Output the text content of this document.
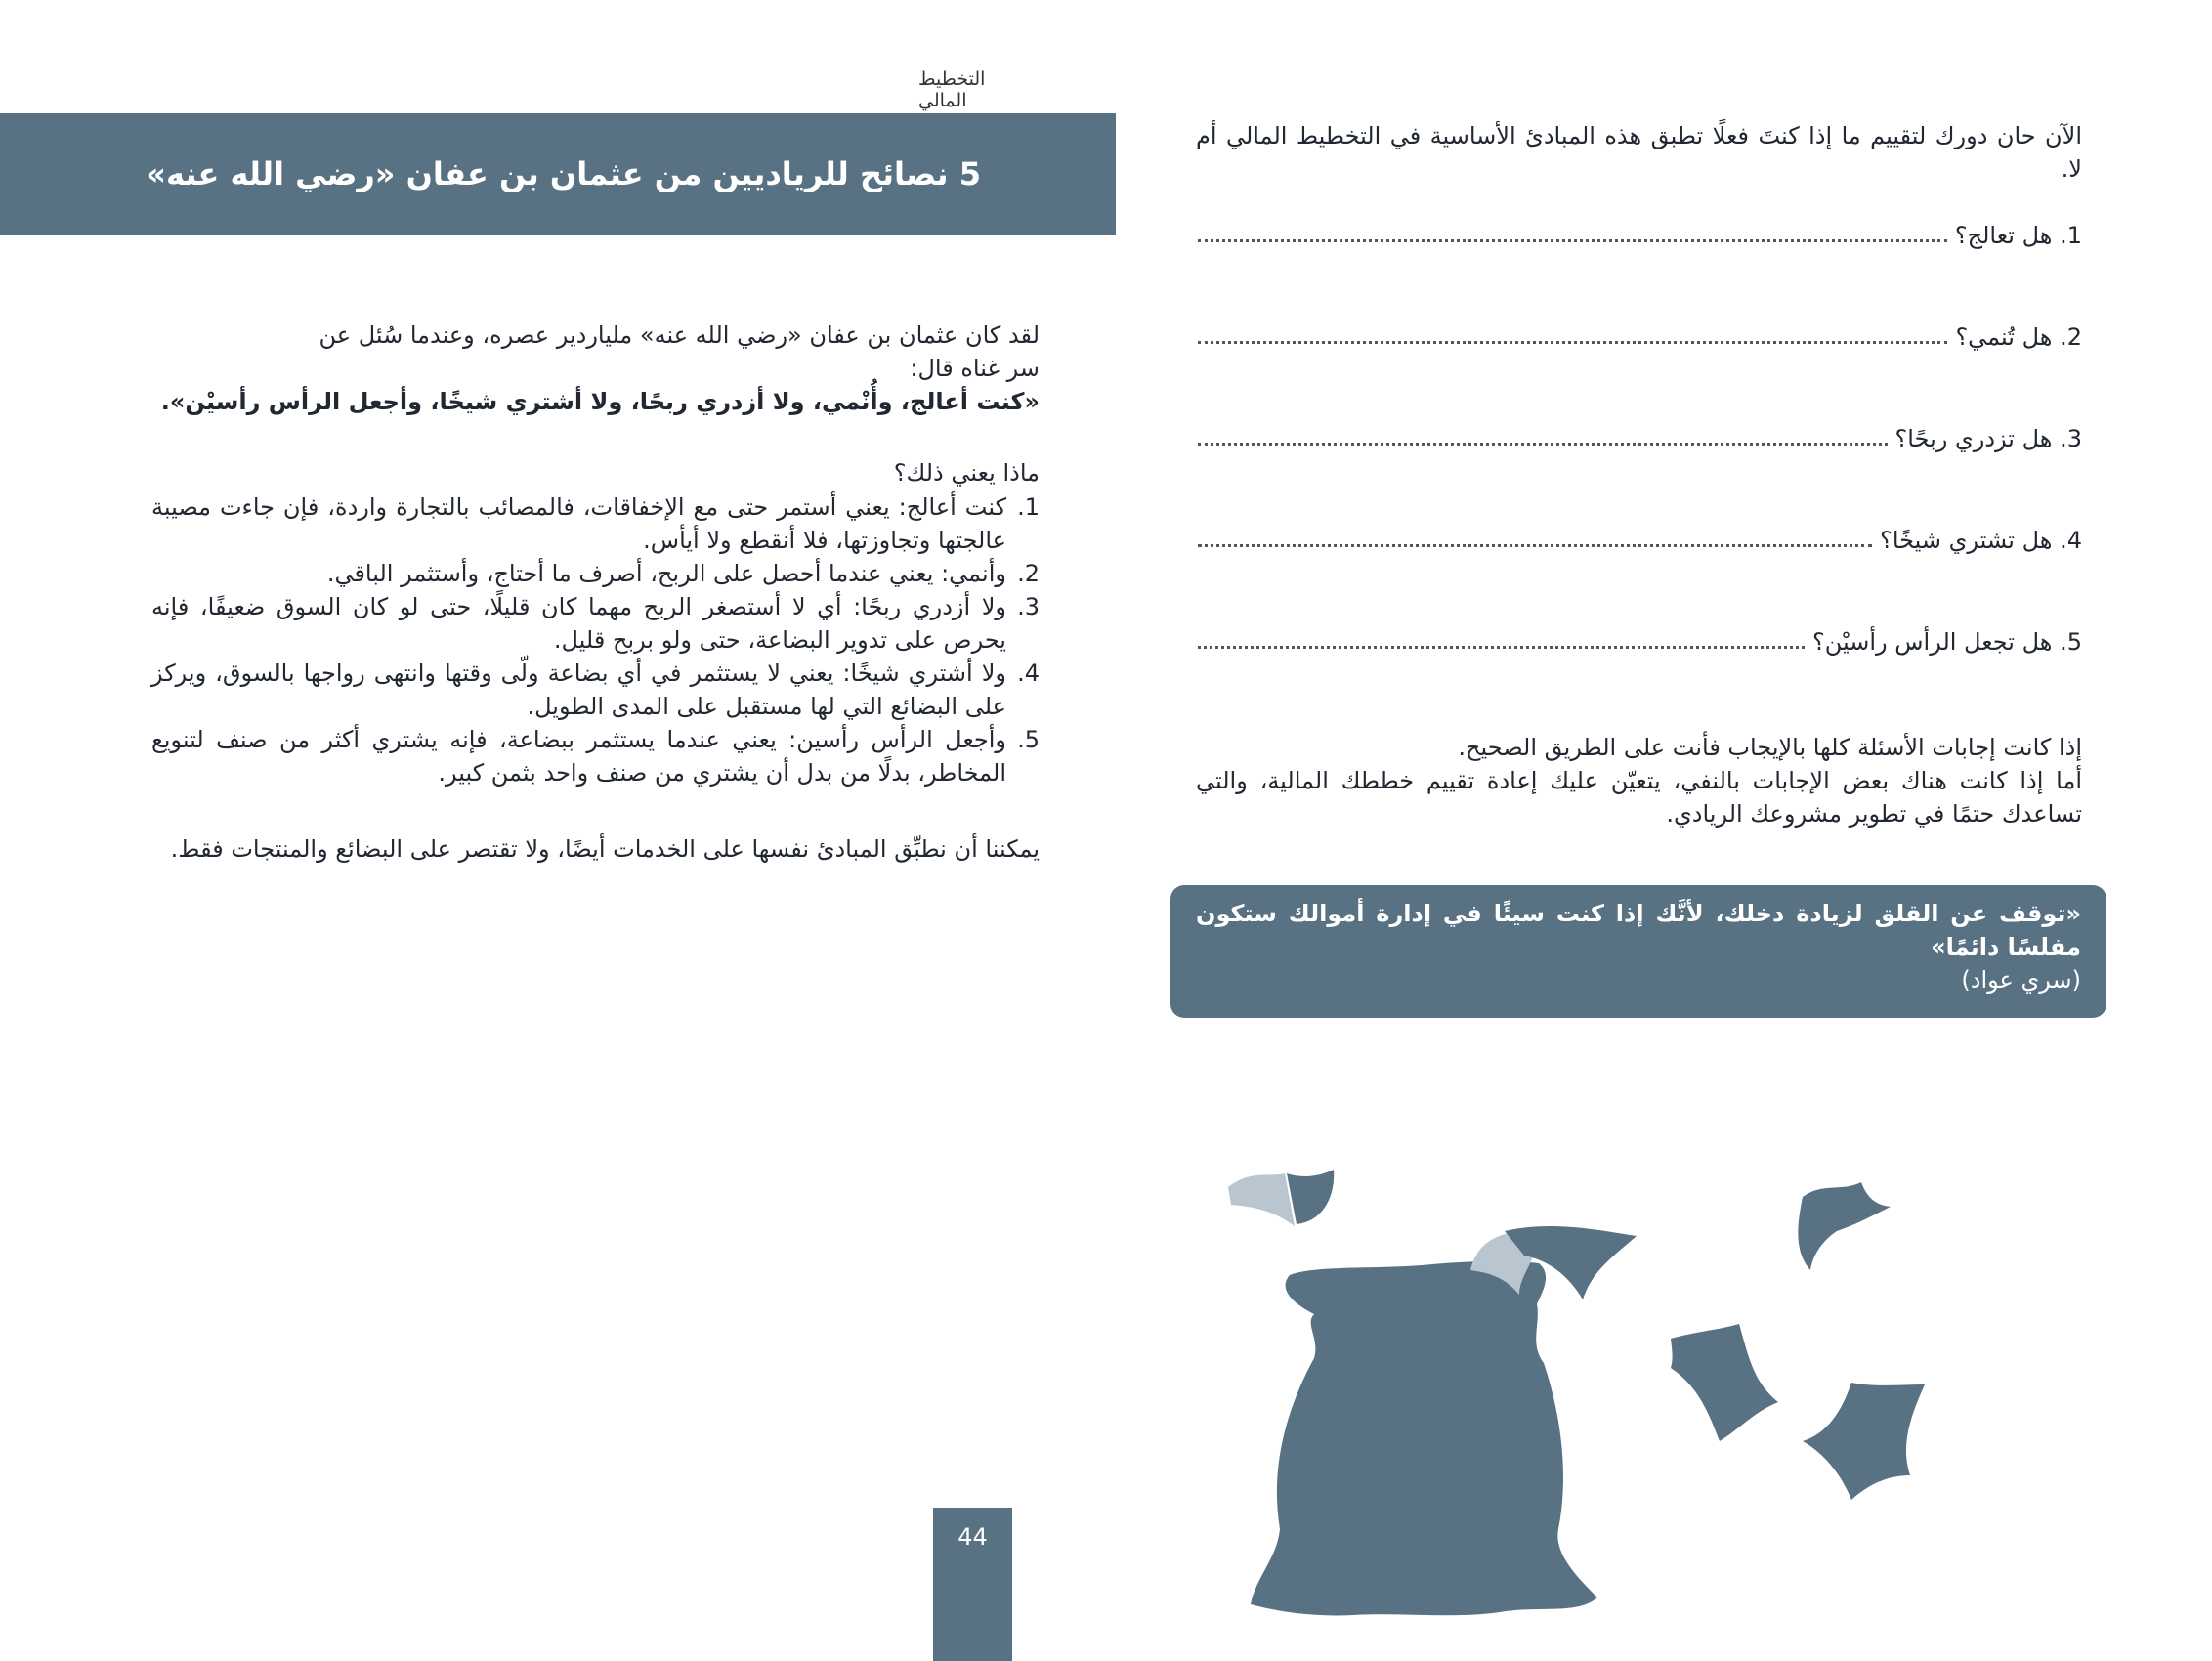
التخطيط المالي
5 نصائح للرياديين من عثمان بن عفان «رضي الله عنه»
لقد كان عثمان بن عفان «رضي الله عنه» ملياردير عصره، وعندما سُئل عن
سر غناه قال:
«كنت أعالج، وأُنْمي، ولا أزدري ربحًا، ولا أشتري شيخًا، وأجعل الرأس رأسيْن».
ماذا يعني ذلك؟
1.
كنت أعالج: يعني أستمر حتى مع الإخفاقات، فالمصائب بالتجارة واردة، فإن جاءت مصيبة عالجتها وتجاوزتها، فلا أنقطع ولا أيأس.
2.
وأنمي: يعني عندما أحصل على الربح، أصرف ما أحتاج، وأستثمر الباقي.
3.
ولا أزدري ربحًا: أي لا أستصغر الربح مهما كان قليلًا، حتى لو كان السوق ضعيفًا، فإنه يحرص على تدوير البضاعة، حتى ولو بربح قليل.
4.
ولا أشتري شيخًا: يعني لا يستثمر في أي بضاعة ولّى وقتها وانتهى رواجها بالسوق، ويركز على البضائع التي لها مستقبل على المدى الطويل.
5.
وأجعل الرأس رأسين: يعني عندما يستثمر ببضاعة، فإنه يشتري أكثر من صنف لتنويع المخاطر، بدلًا من بدل أن يشتري من صنف واحد بثمن كبير.
يمكننا أن نطبِّق المبادئ نفسها على الخدمات أيضًا، ولا تقتصر على البضائع والمنتجات فقط.
44
الآن حان دورك لتقييم ما إذا كنتَ فعلًا تطبق هذه المبادئ الأساسية في التخطيط المالي أم لا.
1.

هل تعالج؟
2.

هل تُنمي؟
3.

هل تزدري ربحًا؟
4.

هل تشتري شيخًا؟
5.

هل تجعل الرأس رأسيْن؟
إذا كانت إجابات الأسئلة كلها بالإيجاب فأنت على الطريق الصحيح.
أما إذا كانت هناك بعض الإجابات بالنفي، يتعيّن عليك إعادة تقييم خططك المالية، والتي تساعدك حتمًا في تطوير مشروعك الريادي.
«توقف عن القلق لزيادة دخلك، لأنَّك إذا كنت سيئًا في إدارة أموالك ستكون مفلسًا دائمًا»
(سري عواد)
